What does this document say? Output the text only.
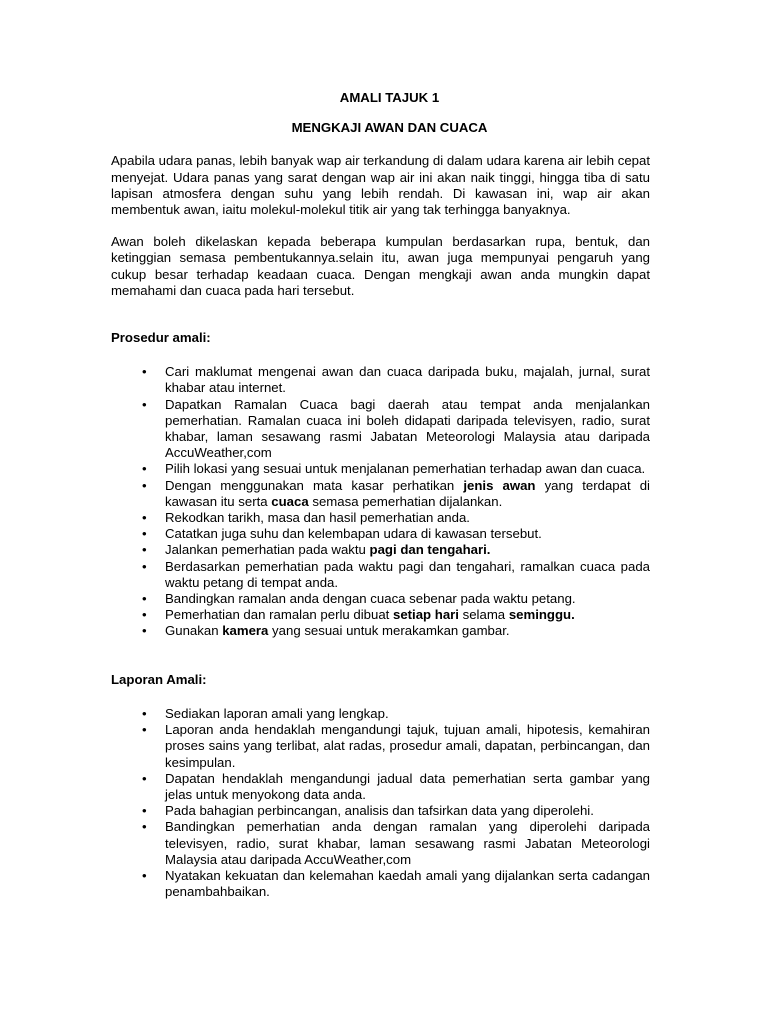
AMALI TAJUK 1
MENGKAJI AWAN DAN CUACA

Apabila udara panas, lebih banyak wap air terkandung di dalam udara karena air lebih cepat menyejat. Udara panas yang sarat dengan wap air ini akan naik tinggi, hingga tiba di satu lapisan atmosfera dengan suhu yang lebih rendah. Di kawasan ini, wap air akan membentuk awan, iaitu molekul-molekul titik air yang tak terhingga banyaknya.

Awan boleh dikelaskan kepada beberapa kumpulan berdasarkan rupa, bentuk, dan ketinggian semasa pembentukannya.selain itu, awan juga mempunyai pengaruh yang cukup besar terhadap keadaan cuaca. Dengan mengkaji awan anda mungkin dapat memahami dan cuaca pada hari tersebut.

Prosedur amali:
• Cari maklumat mengenai awan dan cuaca daripada buku, majalah, jurnal, surat khabar atau internet.
• Dapatkan Ramalan Cuaca bagi daerah atau tempat anda menjalankan pemerhatian. Ramalan cuaca ini boleh didapati daripada televisyen, radio, surat khabar, laman sesawang rasmi Jabatan Meteorologi Malaysia atau daripada AccuWeather,com
• Pilih lokasi yang sesuai untuk menjalanan pemerhatian terhadap awan dan cuaca.
• Dengan menggunakan mata kasar perhatikan jenis awan yang terdapat di kawasan itu serta cuaca semasa pemerhatian dijalankan.
• Rekodkan tarikh, masa dan hasil pemerhatian anda.
• Catatkan juga suhu dan kelembapan udara di kawasan tersebut.
• Jalankan pemerhatian pada waktu pagi dan tengahari.
• Berdasarkan pemerhatian pada waktu pagi dan tengahari, ramalkan cuaca pada waktu petang di tempat anda.
• Bandingkan ramalan anda dengan cuaca sebenar pada waktu petang.
• Pemerhatian dan ramalan perlu dibuat setiap hari selama seminggu.
• Gunakan kamera yang sesuai untuk merakamkan gambar.
Laporan Amali:
• Sediakan laporan amali yang lengkap.
• Laporan anda hendaklah mengandungi tajuk, tujuan amali, hipotesis, kemahiran proses sains yang terlibat, alat radas, prosedur amali, dapatan, perbincangan, dan kesimpulan.
• Dapatan hendaklah mengandungi jadual data pemerhatian serta gambar yang jelas untuk menyokong data anda.
• Pada bahagian perbincangan, analisis dan tafsirkan data yang diperolehi.
• Bandingkan pemerhatian anda dengan ramalan yang diperolehi daripada televisyen, radio, surat khabar, laman sesawang rasmi Jabatan Meteorologi Malaysia atau daripada AccuWeather,com
• Nyatakan kekuatan dan kelemahan kaedah amali yang dijalankan serta cadangan penambahbaikan.
